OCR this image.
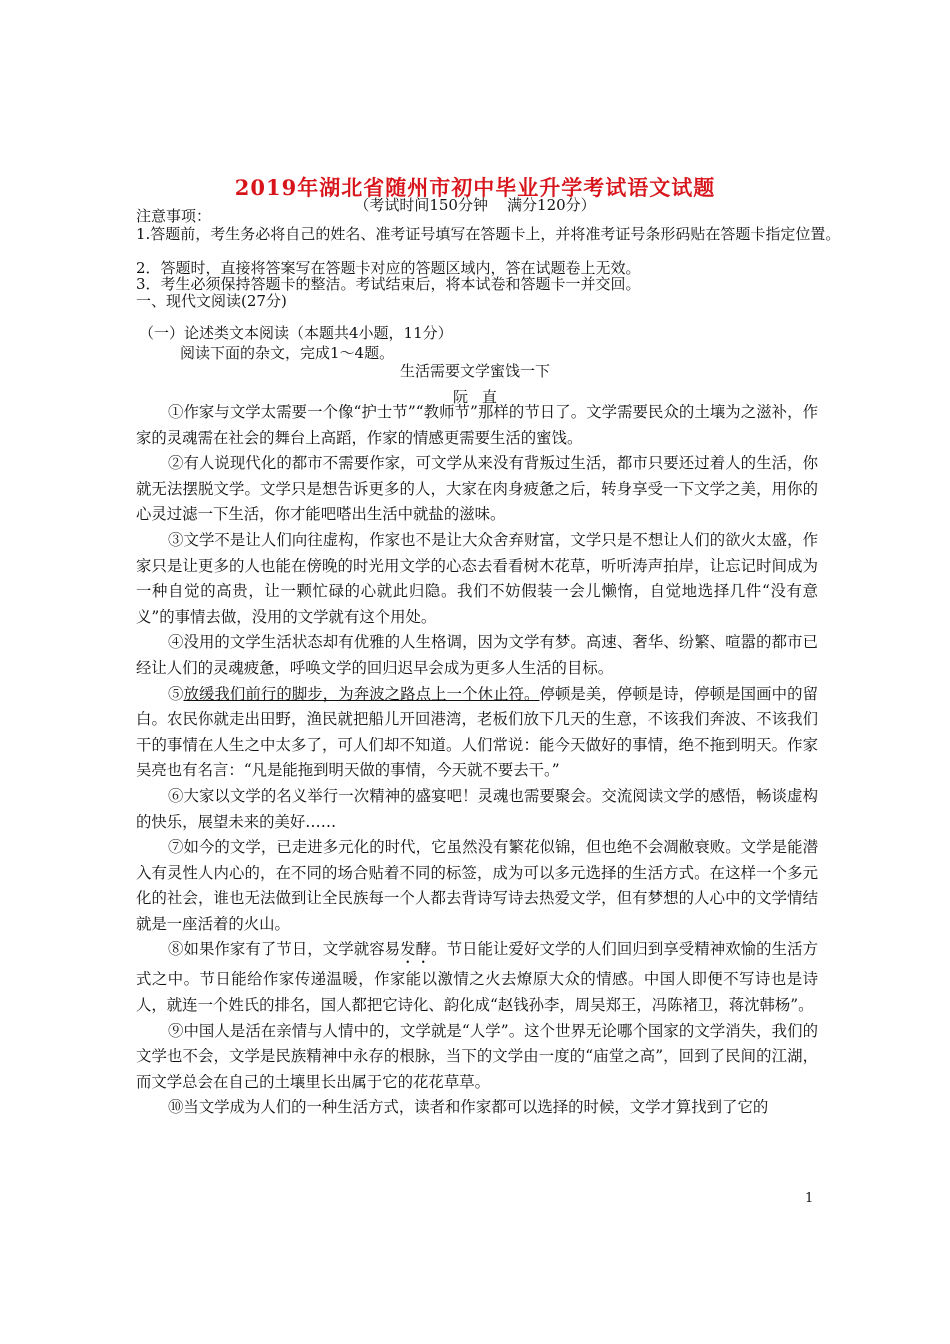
2019年湖北省随州市初中毕业升学考试语文试题
（考试时间150分钟    满分120分）
注意事项：
1.答题前，考生务必将自己的姓名、准考证号填写在答题卡上，并将准考证号条形码贴在答题卡指定位置。
2．答题时，直接将答案写在答题卡对应的答题区域内，答在试题卷上无效。
3．考生必须保持答题卡的整洁。考试结束后，将本试卷和答题卡一并交回。
一、现代文阅读(27分)
（一）论述类文本阅读（本题共4小题，11分）
阅读下面的杂文，完成1～4题。
生活需要文学蜜饯一下
阮直

①作家与文学太需要一个像“护士节”“教师节”那样的节日了。文学需要民众的土壤为之滋补，作家的灵魂需在社会的舞台上高蹈，作家的情感更需要生活的蜜饯。

②有人说现代化的都市不需要作家，可文学从来没有背叛过生活，都市只要还过着人的生活，你就无法摆脱文学。文学只是想告诉更多的人，大家在肉身疲惫之后，转身享受一下文学之美，用你的心灵过滤一下生活，你才能吧嗒出生活中就盐的滋味。

③文学不是让人们向往虚构，作家也不是让大众舍弃财富，文学只是不想让人们的欲火太盛，作家只是让更多的人也能在傍晚的时光用文学的心态去看看树木花草，听听涛声拍岸，让忘记时间成为一种自觉的高贵，让一颗忙碌的心就此归隐。我们不妨假装一会儿懒惰，自觉地选择几件“没有意义”的事情去做，没用的文学就有这个用处。

④没用的文学生活状态却有优雅的人生格调，因为文学有梦。高速、奢华、纷繁、喧嚣的都市已经让人们的灵魂疲惫，呼唤文学的回归迟早会成为更多人生活的目标。

⑤放缓我们前行的脚步，为奔波之路点上一个休止符。停顿是美，停顿是诗，停顿是国画中的留白。农民你就走出田野，渔民就把船儿开回港湾，老板们放下几天的生意，不该我们奔波、不该我们干的事情在人生之中太多了，可人们却不知道。人们常说：能今天做好的事情，绝不拖到明天。作家吴亮也有名言：“凡是能拖到明天做的事情，今天就不要去干。”

⑥大家以文学的名义举行一次精神的盛宴吧！灵魂也需要聚会。交流阅读文学的感悟，畅谈虚构的快乐，展望未来的美好……

⑦如今的文学，已走进多元化的时代，它虽然没有繁花似锦，但也绝不会凋敝衰败。文学是能潜入有灵性人内心的，在不同的场合贴着不同的标签，成为可以多元选择的生活方式。在这样一个多元化的社会，谁也无法做到让全民族每一个人都去背诗写诗去热爱文学，但有梦想的人心中的文学情结就是一座活着的火山。

⑧如果作家有了节日，文学就容易发酵。节日能让爱好文学的人们回归到享受精神欢愉的生活方式之中。节日能给作家传递温暖，作家能以激情之火去燎原大众的情感。中国人即便不写诗也是诗人，就连一个姓氏的排名，国人都把它诗化、韵化成“赵钱孙李，周吴郑王，冯陈褚卫，蒋沈韩杨”。

⑨中国人是活在亲情与人情中的，文学就是“人学”。这个世界无论哪个国家的文学消失，我们的文学也不会，文学是民族精神中永存的根脉，当下的文学由一度的“庙堂之高”，回到了民间的江湖，而文学总会在自己的土壤里长出属于它的花花草草。

⑩当文学成为人们的一种生活方式，读者和作家都可以选择的时候，文学才算找到了它的

1
